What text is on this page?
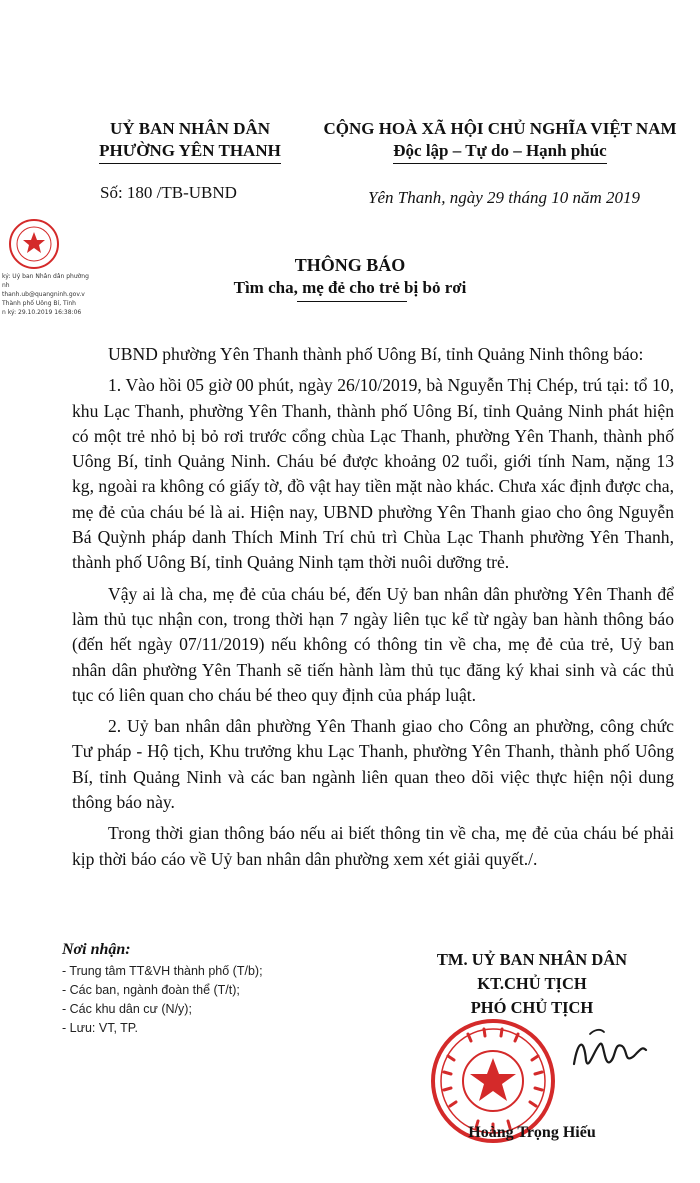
UỶ BAN NHÂN DÂN
PHƯỜNG YÊN THANH
CỘNG HOÀ XÃ HỘI CHỦ NGHĨA VIỆT NAM
Độc lập – Tự do – Hạnh phúc
Số: 180 /TB-UBND	Yên Thanh, ngày 29 tháng 10 năm 2019
ký: Uỷ ban Nhân dân phường
nh
thanh.ub@quangninh.gov.v
Thành phố Uông Bí, Tỉnh
n ký: 29.10.2019 16:38:06
THÔNG BÁO
Tìm cha, mẹ đẻ cho trẻ bị bỏ rơi

UBND phường Yên Thanh thành phố Uông Bí, tỉnh Quảng Ninh thông báo:

1. Vào hồi 05 giờ 00 phút, ngày 26/10/2019, bà Nguyễn Thị Chép, trú tại: tổ 10, khu Lạc Thanh, phường Yên Thanh, thành phố Uông Bí, tỉnh Quảng Ninh phát hiện có một trẻ nhỏ bị bỏ rơi trước cổng chùa Lạc Thanh, phường Yên Thanh, thành phố Uông Bí, tỉnh Quảng Ninh. Cháu bé được khoảng 02 tuổi, giới tính Nam, nặng 13 kg, ngoài ra không có giấy tờ, đồ vật hay tiền mặt nào khác. Chưa xác định được cha, mẹ đẻ của cháu bé là ai. Hiện nay, UBND phường Yên Thanh giao cho ông Nguyễn Bá Quỳnh pháp danh Thích Minh Trí chủ trì Chùa Lạc Thanh phường Yên Thanh, thành phố Uông Bí, tỉnh Quảng Ninh tạm thời nuôi dưỡng trẻ.

Vậy ai là cha, mẹ đẻ của cháu bé, đến Uỷ ban nhân dân phường Yên Thanh để làm thủ tục nhận con, trong thời hạn 7 ngày liên tục kể từ ngày ban hành thông báo (đến hết ngày 07/11/2019) nếu không có thông tin về cha, mẹ đẻ của trẻ, Uỷ ban nhân dân phường Yên Thanh sẽ tiến hành làm thủ tục đăng ký khai sinh và các thủ tục có liên quan cho cháu bé theo quy định của pháp luật.

2. Uỷ ban nhân dân phường Yên Thanh giao cho Công an phường, công chức Tư pháp - Hộ tịch, Khu trưởng khu Lạc Thanh, phường Yên Thanh, thành phố Uông Bí, tỉnh Quảng Ninh và các ban ngành liên quan theo dõi việc thực hiện nội dung thông báo này.

Trong thời gian thông báo nếu ai biết thông tin về cha, mẹ đẻ của cháu bé phải kịp thời báo cáo về Uỷ ban nhân dân phường xem xét giải quyết./.

Nơi nhận:
- Trung tâm TT&VH thành phố (T/b);
- Các ban, ngành đoàn thể (T/t);
- Các khu dân cư (N/y);
- Lưu: VT, TP.
TM. UỶ BAN NHÂN DÂN
KT.CHỦ TỊCH
PHÓ CHỦ TỊCH
Hoàng Trọng Hiếu
